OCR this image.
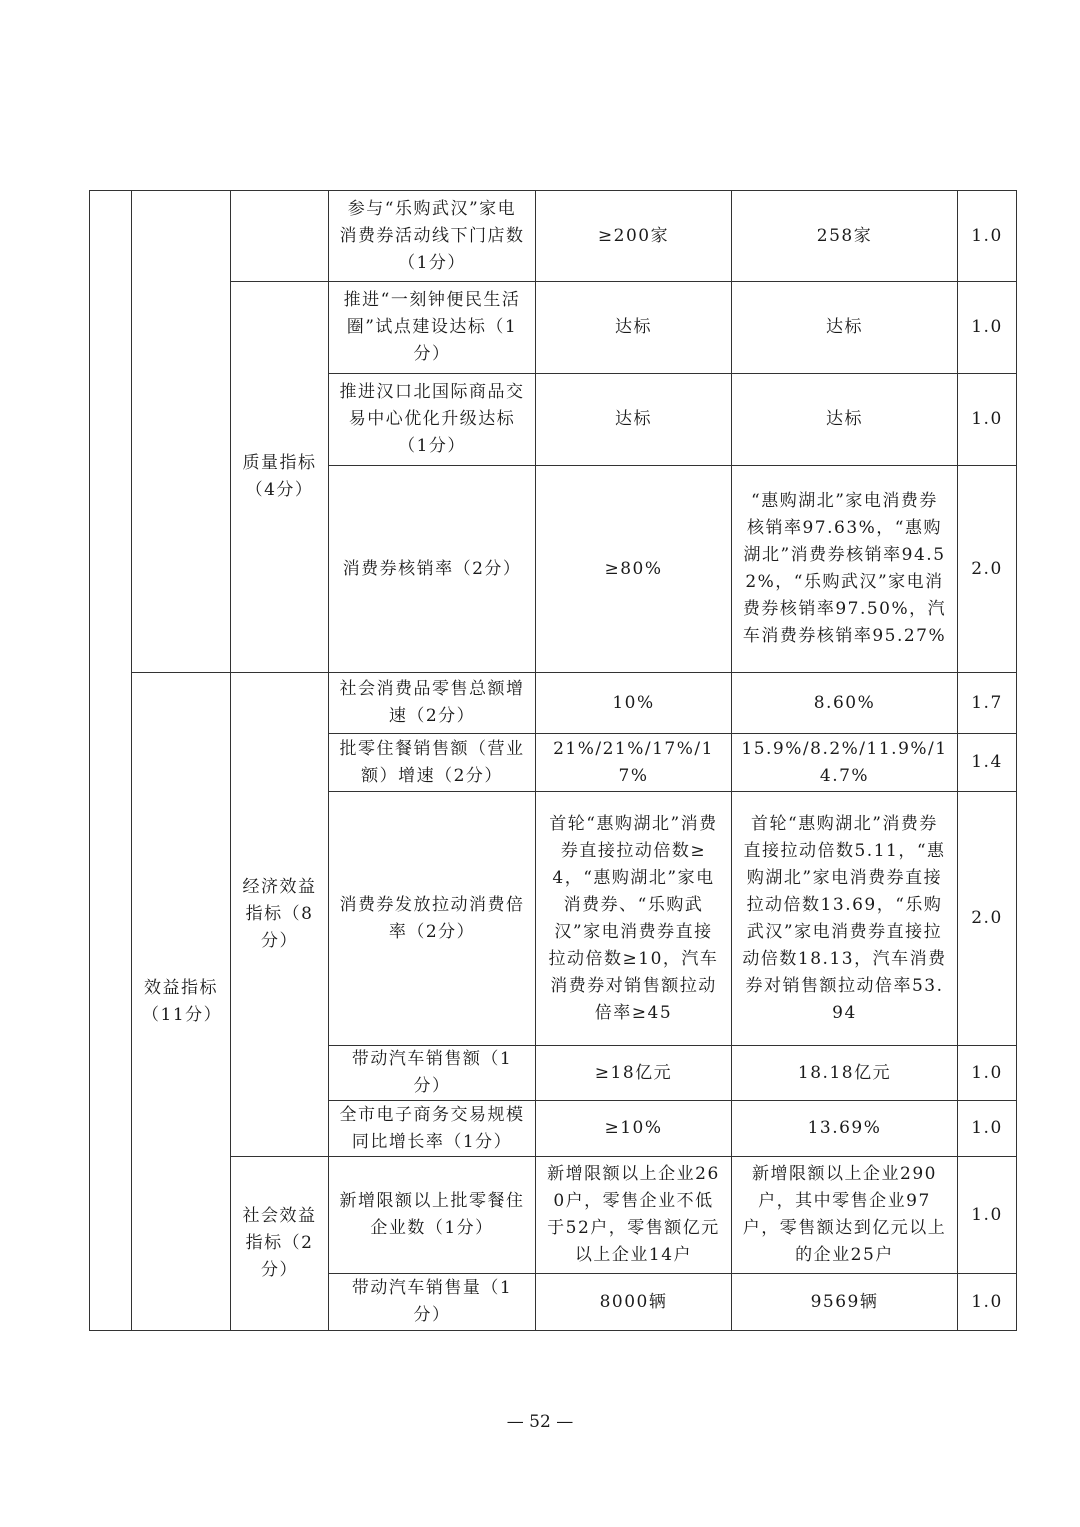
			参与“乐购武汉”家电消费券活动线下门店数（1分）	≥200家	258家	1.0
		质量指标（4分）	推进“一刻钟便民生活圈”试点建设达标（1分）	达标	达标	1.0
			推进汉口北国际商品交易中心优化升级达标（1分）	达标	达标	1.0
			消费券核销率（2分）	≥80%	“惠购湖北”家电消费券核销率97.63%，“惠购湖北”消费券核销率94.52%，“乐购武汉”家电消费券核销率97.50%，汽车消费券核销率95.27%	2.0
	效益指标（11分）	经济效益指标（8分）	社会消费品零售总额增速（2分）	10%	8.60%	1.7
			批零住餐销售额（营业额）增速（2分）	21%/21%/17%/17%	15.9%/8.2%/11.9%/14.7%	1.4
			消费券发放拉动消费倍率（2分）	首轮“惠购湖北”消费券直接拉动倍数≥4，“惠购湖北”家电消费券、“乐购武汉”家电消费券直接拉动倍数≥10，汽车消费券对销售额拉动倍率≥45	首轮“惠购湖北”消费券直接拉动倍数5.11，“惠购湖北”家电消费券直接拉动倍数13.69，“乐购武汉”家电消费券直接拉动倍数18.13，汽车消费券对销售额拉动倍率53.94	2.0
			带动汽车销售额（1分）	≥18亿元	18.18亿元	1.0
			全市电子商务交易规模同比增长率（1分）	≥10%	13.69%	1.0
		社会效益指标（2分）	新增限额以上批零餐住企业数（1分）	新增限额以上企业260户，零售企业不低于52户，零售额亿元以上企业14户	新增限额以上企业290户，其中零售企业97户，零售额达到亿元以上的企业25户	1.0
			带动汽车销售量（1分）	8000辆	9569辆	1.0
— 52 —
